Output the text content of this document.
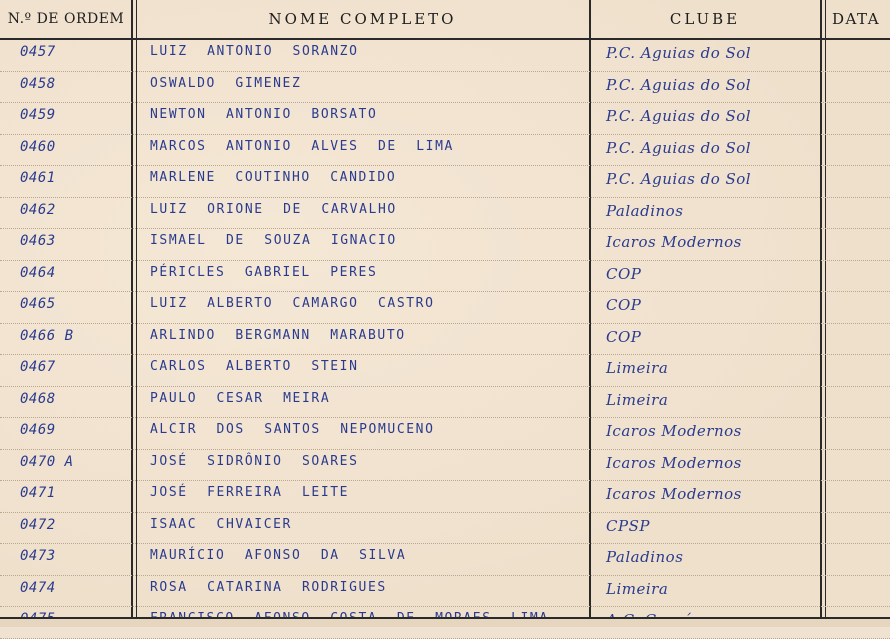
N.º DE ORDEM	NOME COMPLETO	CLUBE	DATA
0457	LUIZ ANTONIO SORANZO	P.C. Aguias do Sol
0458	OSWALDO GIMENEZ	P.C. Aguias do Sol
0459	NEWTON ANTONIO BORSATO	P.C. Aguias do Sol
0460	MARCOS ANTONIO ALVES DE LIMA	P.C. Aguias do Sol
0461	MARLENE COUTINHO CANDIDO	P.C. Aguias do Sol
0462	LUIZ ORIONE DE CARVALHO	Paladinos
0463	ISMAEL DE SOUZA IGNACIO	Icaros Modernos
0464	PÉRICLES GABRIEL PERES	COP
0465	LUIZ ALBERTO CAMARGO CASTRO	COP
0466 B	ARLINDO BERGMANN MARABUTO	COP
0467	CARLOS ALBERTO STEIN	Limeira
0468	PAULO CESAR MEIRA	Limeira
0469	ALCIR DOS SANTOS NEPOMUCENO	Icaros Modernos
0470 A	JOSÉ SIDRÔNIO SOARES	Icaros Modernos
0471	JOSÉ FERREIRA LEITE	Icaros Modernos
0472	ISAAC CHVAICER	CPSP
0473	MAURÍCIO AFONSO DA SILVA	Paladinos
0474	ROSA CATARINA RODRIGUES	Limeira
